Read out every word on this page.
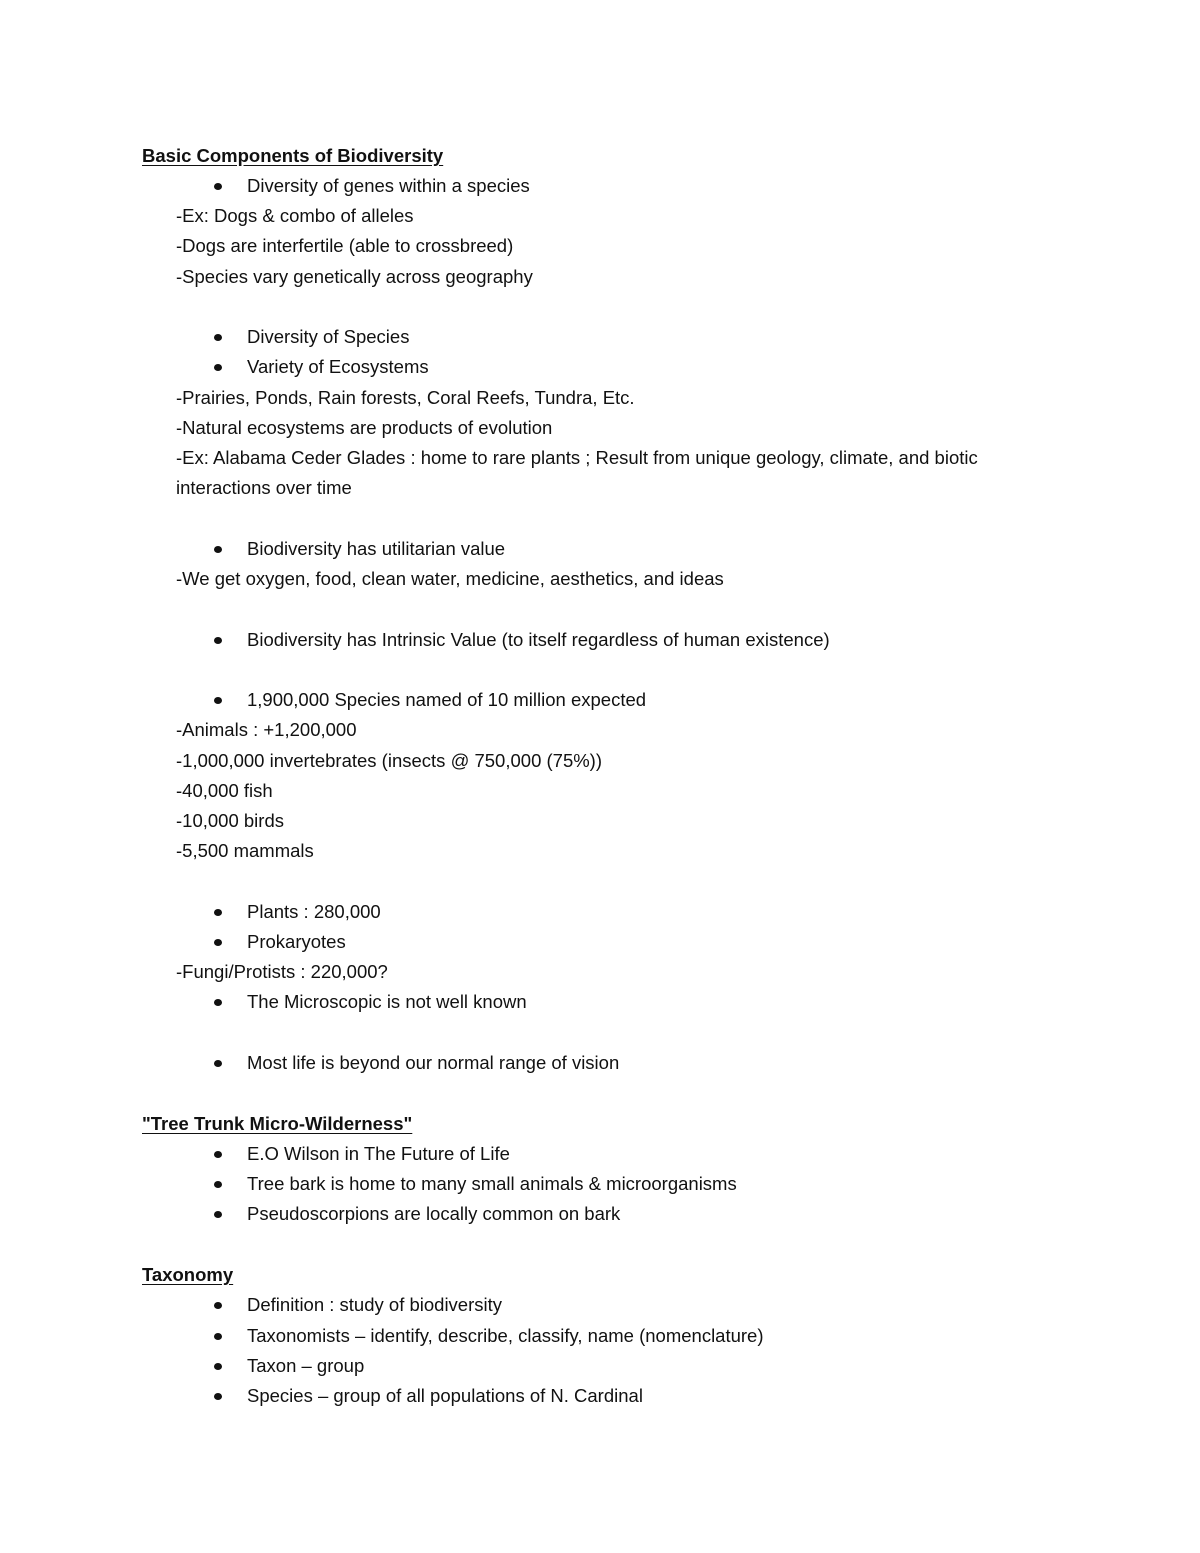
Basic Components of Biodiversity
Diversity of genes within a species
-Ex: Dogs & combo of alleles
-Dogs are interfertile (able to crossbreed)
-Species vary genetically across geography
Diversity of Species
Variety of Ecosystems
-Prairies, Ponds, Rain forests, Coral Reefs, Tundra, Etc.
-Natural ecosystems are products of evolution
-Ex: Alabama Ceder Glades : home to rare plants ; Result from unique geology, climate, and biotic
interactions over time
Biodiversity has utilitarian value
-We get oxygen, food, clean water, medicine, aesthetics, and ideas
Biodiversity has Intrinsic Value (to itself regardless of human existence)
1,900,000 Species named of 10 million expected
-Animals : +1,200,000
-1,000,000 invertebrates (insects @ 750,000 (75%))
-40,000 fish
-10,000 birds
-5,500 mammals
Plants : 280,000
Prokaryotes
-Fungi/Protists : 220,000?
The Microscopic is not well known
Most life is beyond our normal range of vision
"Tree Trunk Micro-Wilderness"
E.O Wilson in The Future of Life
Tree bark is home to many small animals & microorganisms
Pseudoscorpions are locally common on bark
Taxonomy
Definition : study of biodiversity
Taxonomists – identify, describe, classify, name (nomenclature)
Taxon – group
Species – group of all populations of N. Cardinal
